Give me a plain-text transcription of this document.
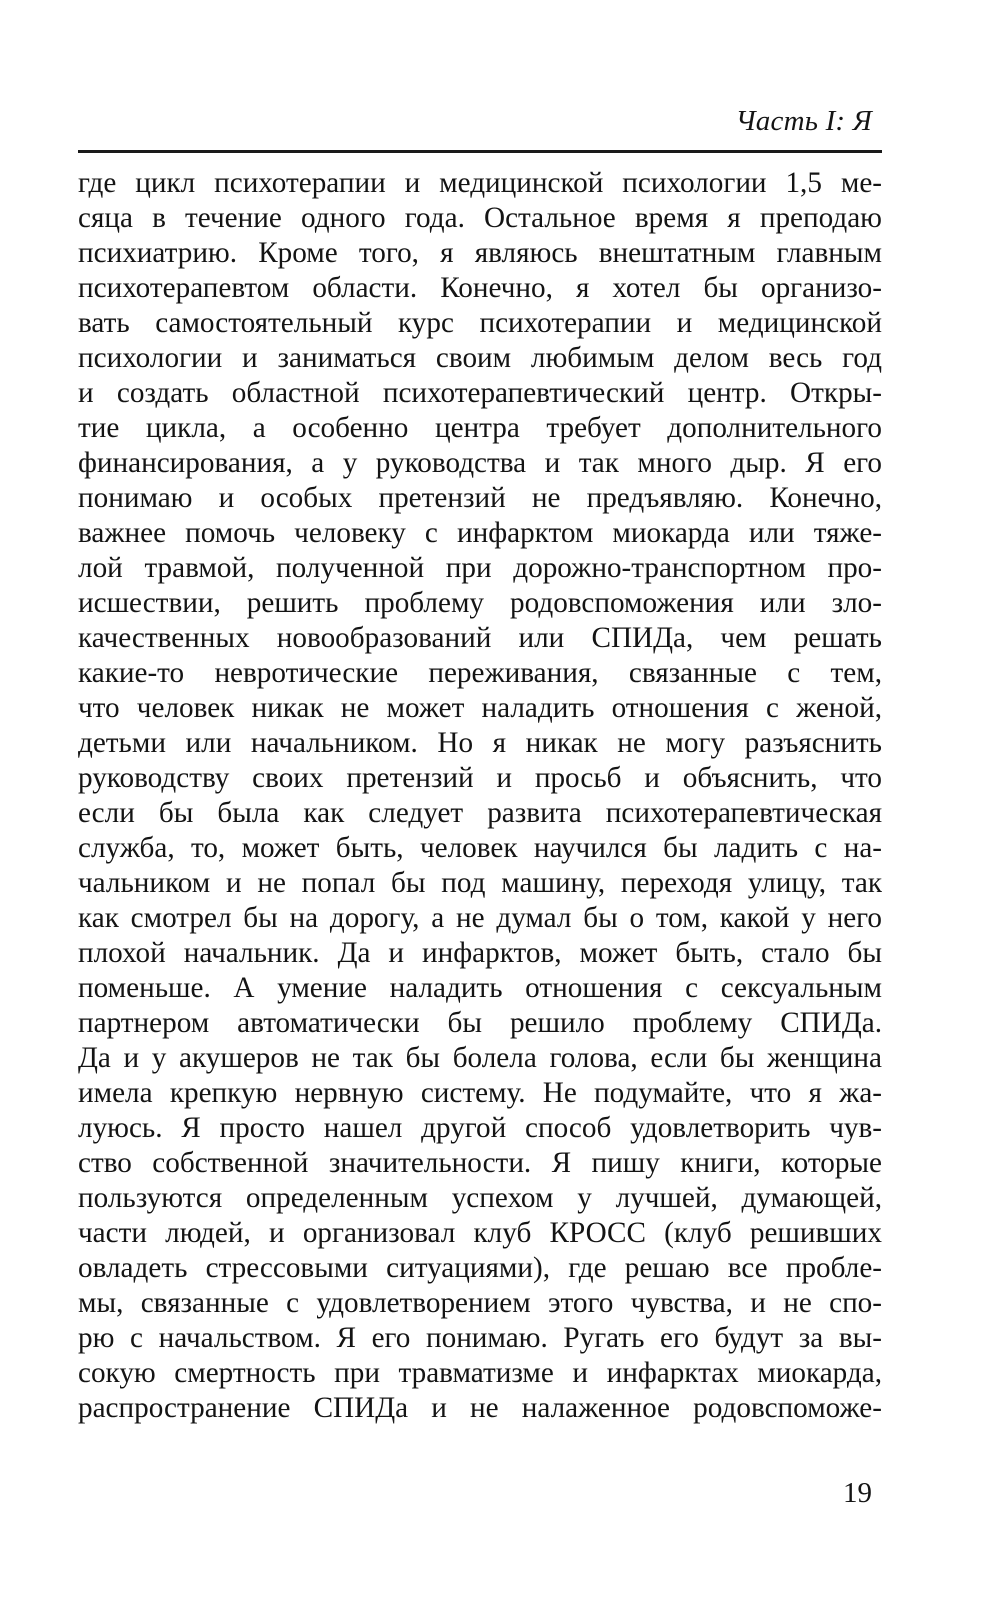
Часть I: Я
где цикл психотерапии и медицинской психологии 1,5 ме-
сяца в течение одного года. Остальное время я преподаю
психиатрию. Кроме того, я являюсь внештатным главным
психотерапевтом области. Конечно, я хотел бы организо-
вать самостоятельный курс психотерапии и медицинской
психологии и заниматься своим любимым делом весь год
и создать областной психотерапевтический центр. Откры-
тие цикла, а особенно центра требует дополнительного
финансирования, а у руководства и так много дыр. Я его
понимаю и особых претензий не предъявляю. Конечно,
важнее помочь человеку с инфарктом миокарда или тяже-
лой травмой, полученной при дорожно-транспортном про-
исшествии, решить проблему родовспоможения или зло-
качественных новообразований или СПИДа, чем решать
какие-то невротические переживания, связанные с тем,
что человек никак не может наладить отношения с женой,
детьми или начальником. Но я никак не могу разъяснить
руководству своих претензий и просьб и объяснить, что
если бы была как следует развита психотерапевтическая
служба, то, может быть, человек научился бы ладить с на-
чальником и не попал бы под машину, переходя улицу, так
как смотрел бы на дорогу, а не думал бы о том, какой у него
плохой начальник. Да и инфарктов, может быть, стало бы
поменьше. А умение наладить отношения с сексуальным
партнером автоматически бы решило проблему СПИДа.
Да и у акушеров не так бы болела голова, если бы женщина
имела крепкую нервную систему. Не подумайте, что я жа-
луюсь. Я просто нашел другой способ удовлетворить чув-
ство собственной значительности. Я пишу книги, которые
пользуются определенным успехом у лучшей, думающей,
части людей, и организовал клуб КРОСС (клуб решивших
овладеть стрессовыми ситуациями), где решаю все пробле-
мы, связанные с удовлетворением этого чувства, и не спо-
рю с начальством. Я его понимаю. Ругать его будут за вы-
сокую смертность при травматизме и инфарктах миокарда,
распространение СПИДа и не налаженное родовспоможе-
19
